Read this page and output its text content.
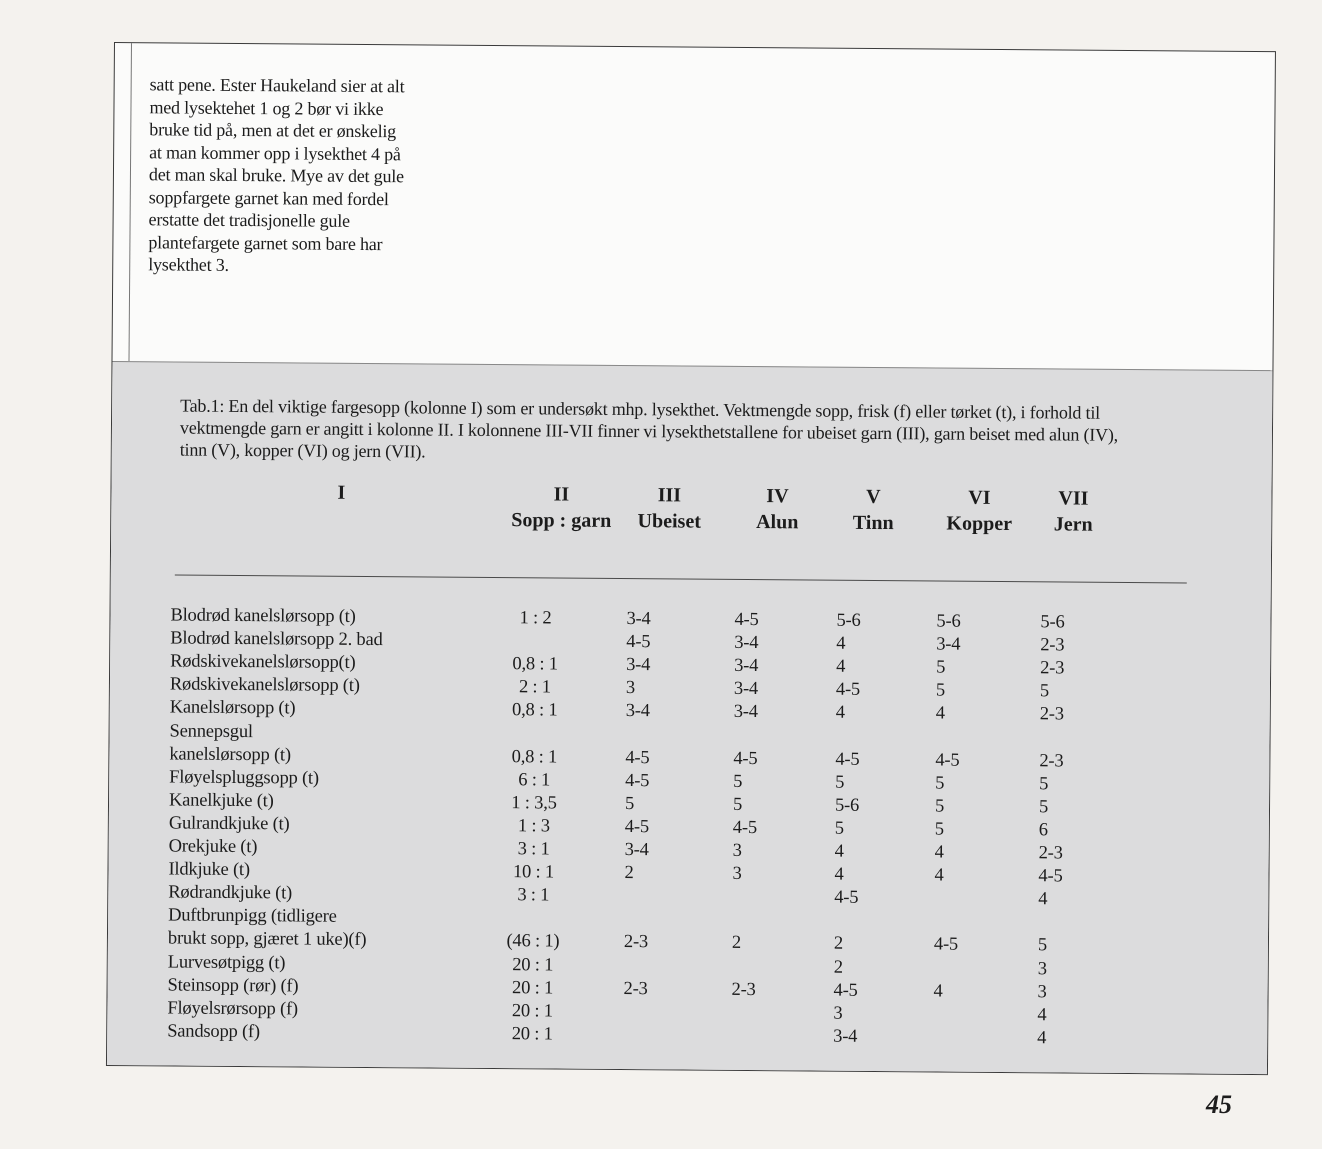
satt pene. Ester Haukeland sier at alt
med lysektehet 1 og 2 bør vi ikke
bruke tid på, men at det er ønskelig
at man kommer opp i lysekthet 4 på
det man skal bruke. Mye av det gule
soppfargete garnet kan med fordel
erstatte det tradisjonelle gule
plantefargete garnet som bare har
lysekthet 3.
Tab.1: En del viktige fargesopp (kolonne I) som er undersøkt mhp. lysekthet. Vektmengde sopp, frisk (f) eller tørket (t), i forhold til vektmengde garn er angitt i kolonne II. I kolonnene III-VII finner vi lysekthetstallene for ubeiset garn (III), garn beiset med alun (IV), tinn (V), kopper (VI) og jern (VII).
I	II
Sopp : garn
III
Ubeiset
IV
Alun
V
Tinn
VI
Kopper
VII
Jern
Blodrød kanelslørsopp (t)
Blodrød kanelslørsopp 2. bad
Rødskivekanelslørsopp(t)
Rødskivekanelslørsopp (t)
Kanelslørsopp (t)
Sennepsgul
kanelslørsopp (t)
Fløyelspluggsopp (t)
Kanelkjuke (t)
Gulrandkjuke (t)
Orekjuke (t)
Ildkjuke (t)
Rødrandkjuke (t)
Duftbrunpigg (tidligere
brukt sopp, gjæret 1 uke)(f)
Lurvesøtpigg (t)
Steinsopp (rør) (f)
Fløyelsrørsopp (f)
Sandsopp (f)
1 : 2
0,8 : 1
2 : 1
0,8 : 1
0,8 : 1
6 : 1
1 : 3,5
1 : 3
3 : 1
10 : 1
3 : 1
(46 : 1)
20 : 1
20 : 1
20 : 1
20 : 1
3-4
4-5
3-4
3
3-4
4-5
4-5
5
4-5
3-4
2
2-3
2-3
4-5
3-4
3-4
3-4
3-4
4-5
5
5
4-5
3
3
2
2-3
5-6
4
4
4-5
4
4-5
5
5-6
5
4
4
4-5
2
2
4-5
3
3-4
5-6
3-4
5
5
4
4-5
5
5
5
4
4
4-5
4
5-6
2-3
2-3
5
2-3
2-3
5
5
6
2-3
4-5
4
5
3
3
4
4
45
